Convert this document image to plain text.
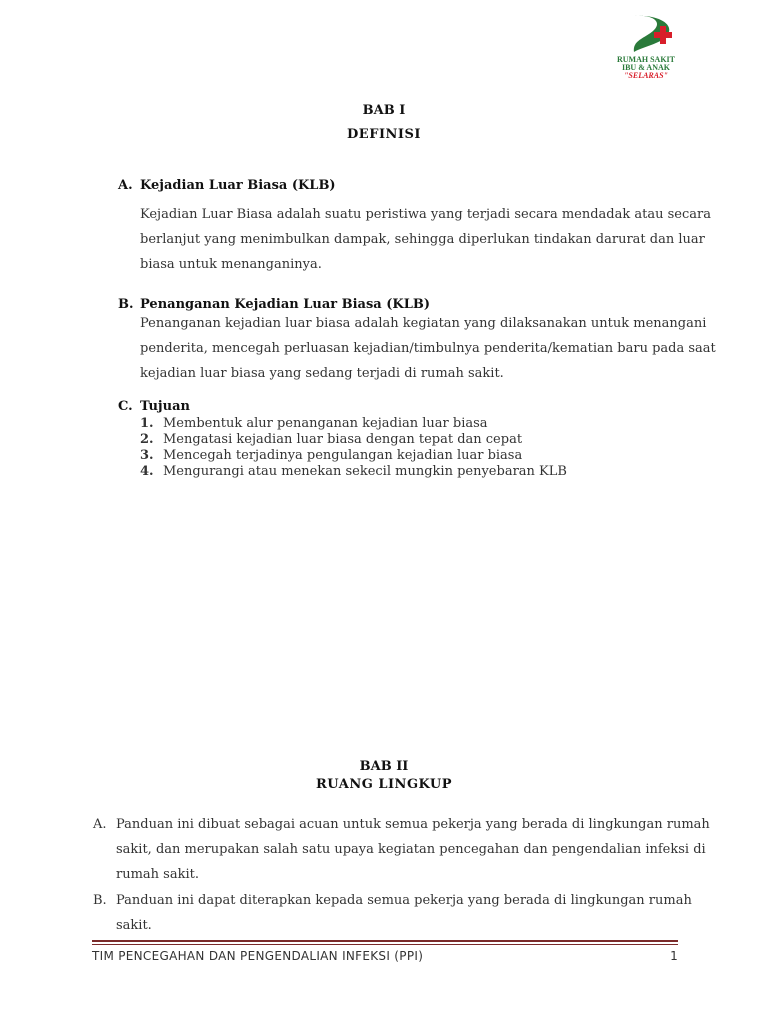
RUMAH SAKIT
IBU & ANAK
"SELARAS"
BAB I
DEFINISI
A. Kejadian Luar Biasa (KLB)
Kejadian Luar Biasa adalah suatu peristiwa yang terjadi secara mendadak atau secara
berlanjut yang menimbulkan dampak, sehingga diperlukan tindakan darurat dan luar
biasa untuk menanganinya.
B. Penanganan Kejadian Luar Biasa (KLB)
Penanganan kejadian luar biasa adalah kegiatan yang dilaksanakan untuk menangani
penderita, mencegah perluasan kejadian/timbulnya penderita/kematian baru pada saat
kejadian luar biasa yang sedang terjadi di rumah sakit.
C. Tujuan
1. Membentuk alur penanganan kejadian luar biasa
2. Mengatasi kejadian luar biasa dengan tepat dan cepat
3. Mencegah terjadinya pengulangan kejadian luar biasa
4. Mengurangi atau menekan sekecil mungkin penyebaran KLB
BAB II
RUANG LINGKUP
A. Panduan ini dibuat sebagai acuan untuk semua pekerja yang berada di lingkungan rumah
sakit, dan merupakan salah satu upaya kegiatan pencegahan dan pengendalian infeksi di
rumah sakit.
B. Panduan ini dapat diterapkan kepada semua pekerja yang berada di lingkungan rumah
sakit.
TIM PENCEGAHAN DAN PENGENDALIAN INFEKSI (PPI)	1
